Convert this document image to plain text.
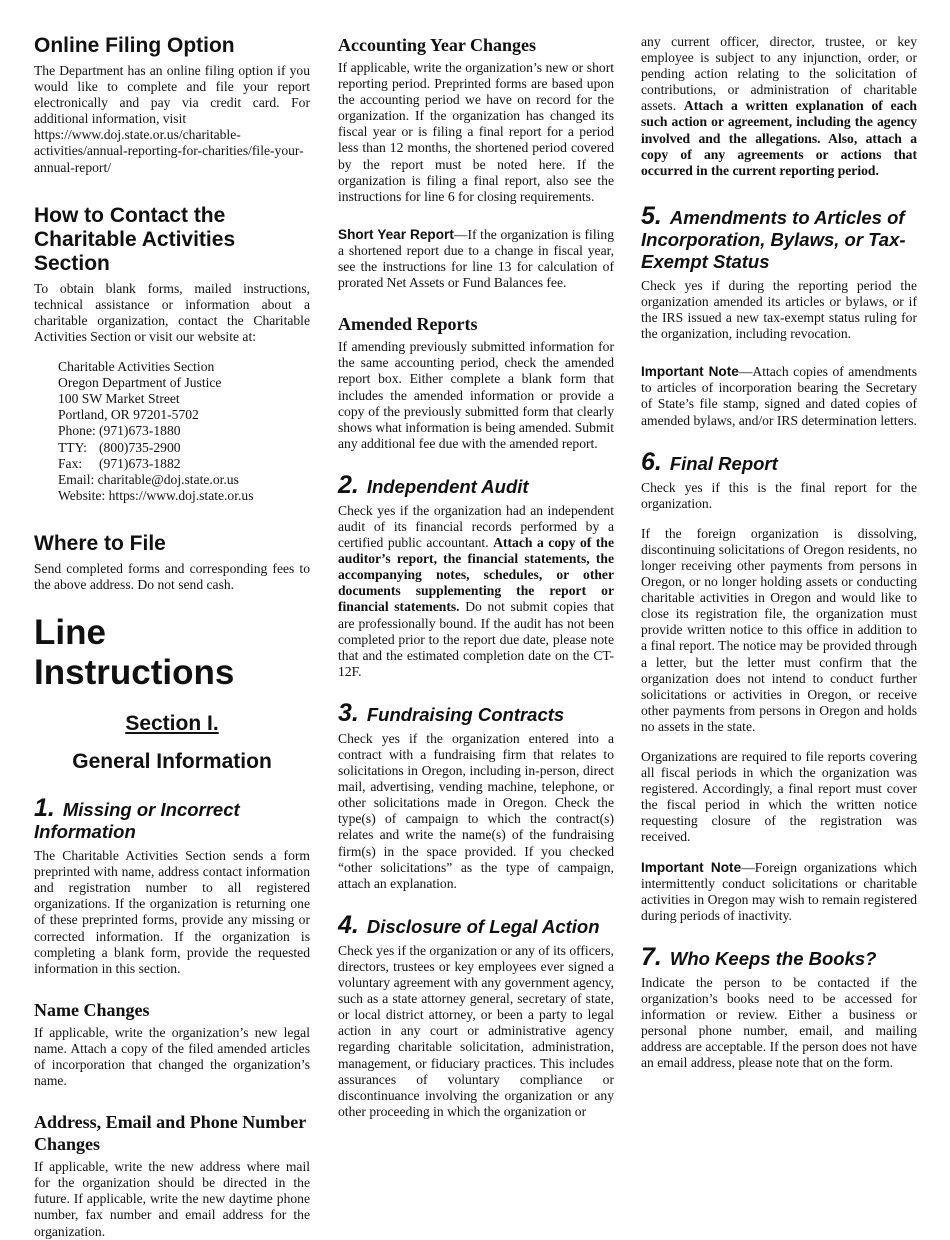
Online Filing Option

The Department has an online filing option if you would like to complete and file your report electronically and pay via credit card. For additional information, visit

https://www.doj.state.or.us/charitable-activities/annual-reporting-for-charities/file-your-annual-report/

How to Contact the Charitable Activities Section

To obtain blank forms, mailed instructions, technical assistance or information about a charitable organization, contact the Charitable Activities Section or visit our website at:

Charitable Activities Section
Oregon Department of Justice
100 SW Market Street
Portland, OR 97201-5702
Phone: (971)673-1880
TTY: (800)735-2900
Fax: (971)673-1882
Email: charitable@doj.state.or.us
Website: https://www.doj.state.or.us
Where to File

Send completed forms and corresponding fees to the above address. Do not send cash.

Line Instructions
Section I.
General Information
1. Missing or Incorrect Information

The Charitable Activities Section sends a form preprinted with name, address contact information and registration number to all registered organizations. If the organization is returning one of these preprinted forms, provide any missing or corrected information. If the organization is completing a blank form, provide the requested information in this section.

Name Changes

If applicable, write the organization’s new legal name. Attach a copy of the filed amended articles of incorporation that changed the organization’s name.

Address, Email and Phone Number Changes

If applicable, write the new address where mail for the organization should be directed in the future. If applicable, write the new daytime phone number, fax number and email address for the organization.

Accounting Year Changes

If applicable, write the organization’s new or short reporting period. Preprinted forms are based upon the accounting period we have on record for the organization. If the organization has changed its fiscal year or is filing a final report for a period less than 12 months, the shortened period covered by the report must be noted here. If the organization is filing a final report, also see the instructions for line 6 for closing requirements.

Short Year Report—If the organization is filing a shortened report due to a change in fiscal year, see the instructions for line 13 for calculation of prorated Net Assets or Fund Balances fee.

Amended Reports

If amending previously submitted information for the same accounting period, check the amended report box. Either complete a blank form that includes the amended information or provide a copy of the previously submitted form that clearly shows what information is being amended. Submit any additional fee due with the amended report.

2. Independent Audit

Check yes if the organization had an independent audit of its financial records performed by a certified public accountant. Attach a copy of the auditor’s report, the financial statements, the accompanying notes, schedules, or other documents supplementing the report or financial statements. Do not submit copies that are professionally bound. If the audit has not been completed prior to the report due date, please note that and the estimated completion date on the CT-12F.

3. Fundraising Contracts

Check yes if the organization entered into a contract with a fundraising firm that relates to solicitations in Oregon, including in-person, direct mail, advertising, vending machine, telephone, or other solicitations made in Oregon. Check the type(s) of campaign to which the contract(s) relates and write the name(s) of the fundraising firm(s) in the space provided. If you checked “other solicitations” as the type of campaign, attach an explanation.

4. Disclosure of Legal Action

Check yes if the organization or any of its officers, directors, trustees or key employees ever signed a voluntary agreement with any government agency, such as a state attorney general, secretary of state, or local district attorney, or been a party to legal action in any court or administrative agency regarding charitable solicitation, administration, management, or fiduciary practices. This includes assurances of voluntary compliance or discontinuance involving the organization or any other proceeding in which the organization or

any current officer, director, trustee, or key employee is subject to any injunction, order, or pending action relating to the solicitation of contributions, or administration of charitable assets. Attach a written explanation of each such action or agreement, including the agency involved and the allegations. Also, attach a copy of any agreements or actions that occurred in the current reporting period.

5. Amendments to Articles of Incorporation, Bylaws, or Tax-Exempt Status

Check yes if during the reporting period the organization amended its articles or bylaws, or if the IRS issued a new tax-exempt status ruling for the organization, including revocation.

Important Note—Attach copies of amendments to articles of incorporation bearing the Secretary of State’s file stamp, signed and dated copies of amended bylaws, and/or IRS determination letters.

6. Final Report

Check yes if this is the final report for the organization.

If the foreign organization is dissolving, discontinuing solicitations of Oregon residents, no longer receiving other payments from persons in Oregon, or no longer holding assets or conducting charitable activities in Oregon and would like to close its registration file, the organization must provide written notice to this office in addition to a final report. The notice may be provided through a letter, but the letter must confirm that the organization does not intend to conduct further solicitations or activities in Oregon, or receive other payments from persons in Oregon and holds no assets in the state.

Organizations are required to file reports covering all fiscal periods in which the organization was registered. Accordingly, a final report must cover the fiscal period in which the written notice requesting closure of the registration was received.

Important Note—Foreign organizations which intermittently conduct solicitations or charitable activities in Oregon may wish to remain registered during periods of inactivity.

7. Who Keeps the Books?

Indicate the person to be contacted if the organization’s books need to be accessed for information or review. Either a business or personal phone number, email, and mailing address are acceptable. If the person does not have an email address, please note that on the form.
